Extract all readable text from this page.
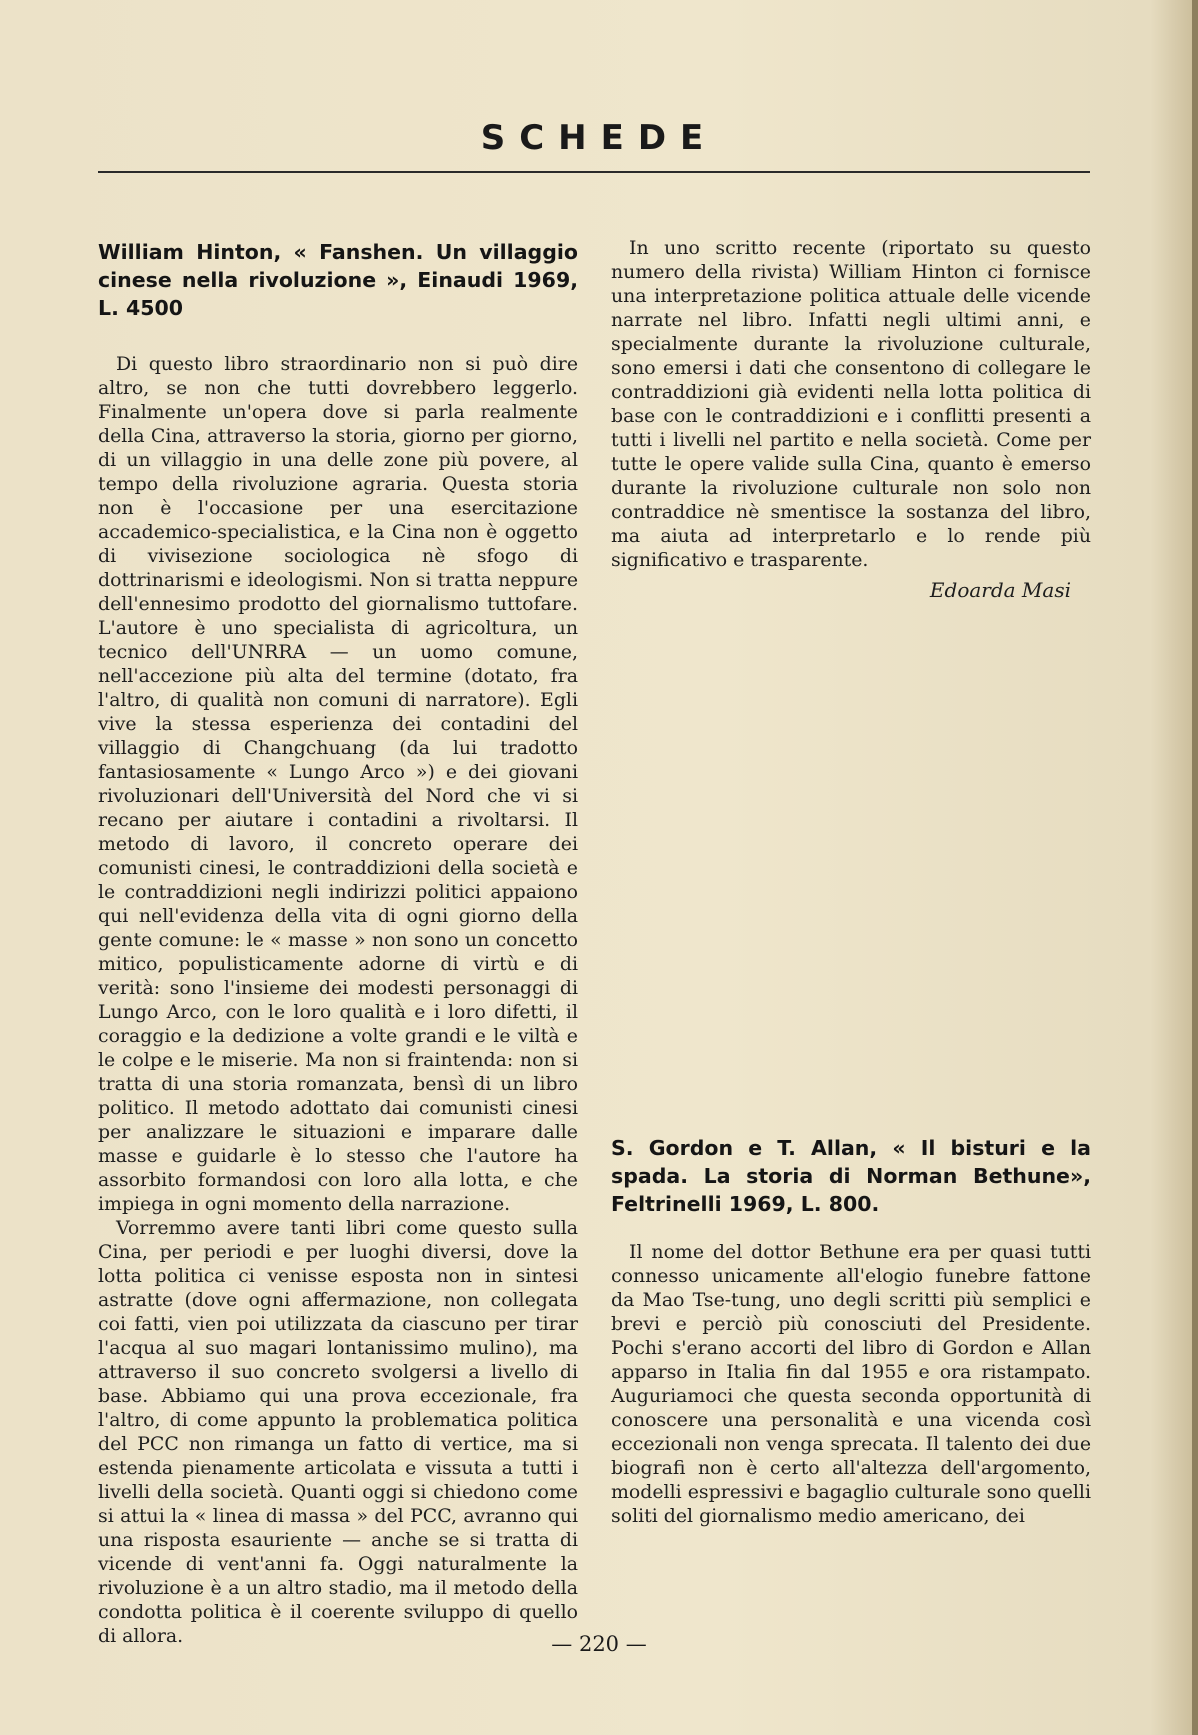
SCHEDE

William Hinton, « Fanshen. Un villaggio cinese nella rivoluzione », Einaudi 1969, L. 4500

Di questo libro straordinario non si può dire altro, se non che tutti dovrebbero leggerlo. Finalmente un'opera dove si parla realmente della Cina, attraverso la storia, giorno per giorno, di un villaggio in una delle zone più povere, al tempo della rivoluzione agraria. Questa storia non è l'occasione per una esercitazione accademico-specialistica, e la Cina non è oggetto di vivisezione sociologica nè sfogo di dottrinarismi e ideologismi. Non si tratta neppure dell'ennesimo prodotto del giornalismo tuttofare. L'autore è uno specialista di agricoltura, un tecnico dell'UNRRA — un uomo comune, nell'accezione più alta del termine (dotato, fra l'altro, di qualità non comuni di narratore). Egli vive la stessa esperienza dei contadini del villaggio di Changchuang (da lui tradotto fantasiosamente « Lungo Arco ») e dei giovani rivoluzionari dell'Università del Nord che vi si recano per aiutare i contadini a rivoltarsi. Il metodo di lavoro, il concreto operare dei comunisti cinesi, le contraddizioni della società e le contraddizioni negli indirizzi politici appaiono qui nell'evidenza della vita di ogni giorno della gente comune: le « masse » non sono un concetto mitico, populisticamente adorne di virtù e di verità: sono l'insieme dei modesti personaggi di Lungo Arco, con le loro qualità e i loro difetti, il coraggio e la dedizione a volte grandi e le viltà e le colpe e le miserie. Ma non si fraintenda: non si tratta di una storia romanzata, bensì di un libro politico. Il metodo adottato dai comunisti cinesi per analizzare le situazioni e imparare dalle masse e guidarle è lo stesso che l'autore ha assorbito formandosi con loro alla lotta, e che impiega in ogni momento della narrazione.

Vorremmo avere tanti libri come questo sulla Cina, per periodi e per luoghi diversi, dove la lotta politica ci venisse esposta non in sintesi astratte (dove ogni affermazione, non collegata coi fatti, vien poi utilizzata da ciascuno per tirar l'acqua al suo magari lontanissimo mulino), ma attraverso il suo concreto svolgersi a livello di base. Abbiamo qui una prova eccezionale, fra l'altro, di come appunto la problematica politica del PCC non rimanga un fatto di vertice, ma si estenda pienamente articolata e vissuta a tutti i livelli della società. Quanti oggi si chiedono come si attui la « linea di massa » del PCC, avranno qui una risposta esauriente — anche se si tratta di vicende di vent'anni fa. Oggi naturalmente la rivoluzione è a un altro stadio, ma il metodo della condotta politica è il coerente sviluppo di quello di allora.

In uno scritto recente (riportato su questo numero della rivista) William Hinton ci fornisce una interpretazione politica attuale delle vicende narrate nel libro. Infatti negli ultimi anni, e specialmente durante la rivoluzione culturale, sono emersi i dati che consentono di collegare le contraddizioni già evidenti nella lotta politica di base con le contraddizioni e i conflitti presenti a tutti i livelli nel partito e nella società. Come per tutte le opere valide sulla Cina, quanto è emerso durante la rivoluzione culturale non solo non contraddice nè smentisce la sostanza del libro, ma aiuta ad interpretarlo e lo rende più significativo e trasparente.

Edoarda Masi

S. Gordon e T. Allan, « Il bisturi e la spada. La storia di Norman Bethune», Feltrinelli 1969, L. 800.

Il nome del dottor Bethune era per quasi tutti connesso unicamente all'elogio funebre fattone da Mao Tse-tung, uno degli scritti più semplici e brevi e perciò più conosciuti del Presidente. Pochi s'erano accorti del libro di Gordon e Allan apparso in Italia fin dal 1955 e ora ristampato. Auguriamoci che questa seconda opportunità di conoscere una personalità e una vicenda così eccezionali non venga sprecata. Il talento dei due biografi non è certo all'altezza dell'argomento, modelli espressivi e bagaglio culturale sono quelli soliti del giornalismo medio americano, dei

— 220 —
